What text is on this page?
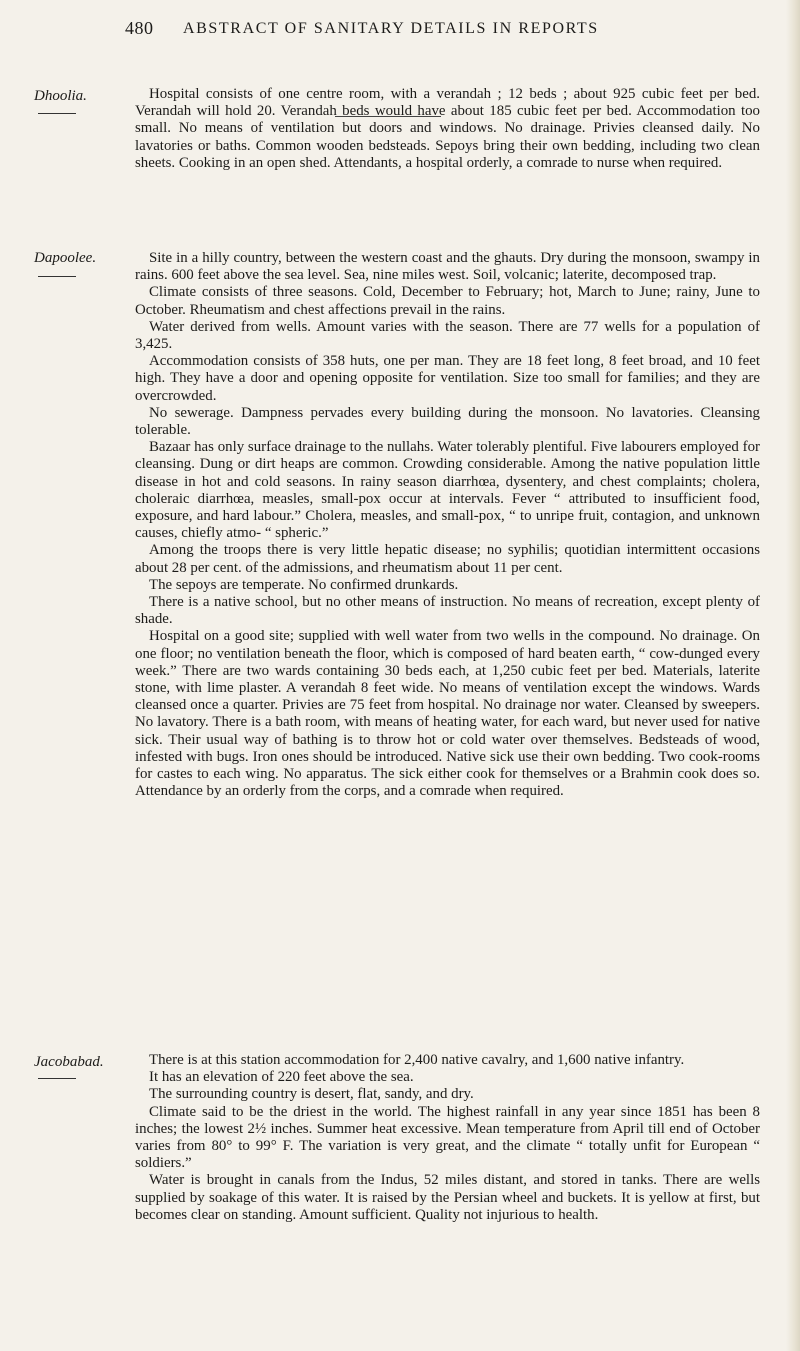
480 ABSTRACT OF SANITARY DETAILS IN REPORTS
Dhoolia.	Hospital consists of one centre room, with a verandah ; 12 beds ; about 925 cubic feet per bed. Verandah will hold 20. Verandah beds would have about 185 cubic feet per bed. Accommodation too small. No means of ventilation but doors and windows. No drainage. Privies cleansed daily. No lavatories or baths. Common wooden bedsteads. Sepoys bring their own bedding, including two clean sheets. Cooking in an open shed. Attendants, a hospital orderly, a comrade to nurse when required.

Dapoolee.	Site in a hilly country, between the western coast and the ghauts. Dry during the monsoon, swampy in rains. 600 feet above the sea level. Sea, nine miles west. Soil, volcanic; laterite, decomposed trap.

Climate consists of three seasons. Cold, December to February; hot, March to June; rainy, June to October. Rheumatism and chest affections prevail in the rains.

Water derived from wells. Amount varies with the season. There are 77 wells for a population of 3,425.

Accommodation consists of 358 huts, one per man. They are 18 feet long, 8 feet broad, and 10 feet high. They have a door and opening opposite for ventilation. Size too small for families; and they are overcrowded.

No sewerage. Dampness pervades every building during the monsoon. No lavatories. Cleansing tolerable.

Bazaar has only surface drainage to the nullahs. Water tolerably plentiful. Five labourers employed for cleansing. Dung or dirt heaps are common. Crowding considerable. Among the native population little disease in hot and cold seasons. In rainy season diarrhœa, dysentery, and chest complaints; cholera, choleraic diarrhœa, measles, small-pox occur at intervals. Fever “ attributed to insufficient food, exposure, and hard labour.” Cholera, measles, and small-pox, “ to unripe fruit, contagion, and unknown causes, chiefly atmo- “ spheric.”

Among the troops there is very little hepatic disease; no syphilis; quotidian intermittent occasions about 28 per cent. of the admissions, and rheumatism about 11 per cent.

The sepoys are temperate. No confirmed drunkards.

There is a native school, but no other means of instruction. No means of recreation, except plenty of shade.

Hospital on a good site; supplied with well water from two wells in the compound. No drainage. On one floor; no ventilation beneath the floor, which is composed of hard beaten earth, “ cow-dunged every week.” There are two wards containing 30 beds each, at 1,250 cubic feet per bed. Materials, laterite stone, with lime plaster. A verandah 8 feet wide. No means of ventilation except the windows. Wards cleansed once a quarter. Privies are 75 feet from hospital. No drainage nor water. Cleansed by sweepers. No lavatory. There is a bath room, with means of heating water, for each ward, but never used for native sick. Their usual way of bathing is to throw hot or cold water over themselves. Bedsteads of wood, infested with bugs. Iron ones should be introduced. Native sick use their own bedding. Two cook-rooms for castes to each wing. No apparatus. The sick either cook for themselves or a Brahmin cook does so. Attendance by an orderly from the corps, and a comrade when required.

Jacobabad.	There is at this station accommodation for 2,400 native cavalry, and 1,600 native infantry.

It has an elevation of 220 feet above the sea.

The surrounding country is desert, flat, sandy, and dry.

Climate said to be the driest in the world. The highest rainfall in any year since 1851 has been 8 inches; the lowest 2½ inches. Summer heat excessive. Mean temperature from April till end of October varies from 80° to 99° F. The variation is very great, and the climate “ totally unfit for European “ soldiers.”

Water is brought in canals from the Indus, 52 miles distant, and stored in tanks. There are wells supplied by soakage of this water. It is raised by the Persian wheel and buckets. It is yellow at first, but becomes clear on standing. Amount sufficient. Quality not injurious to health.
